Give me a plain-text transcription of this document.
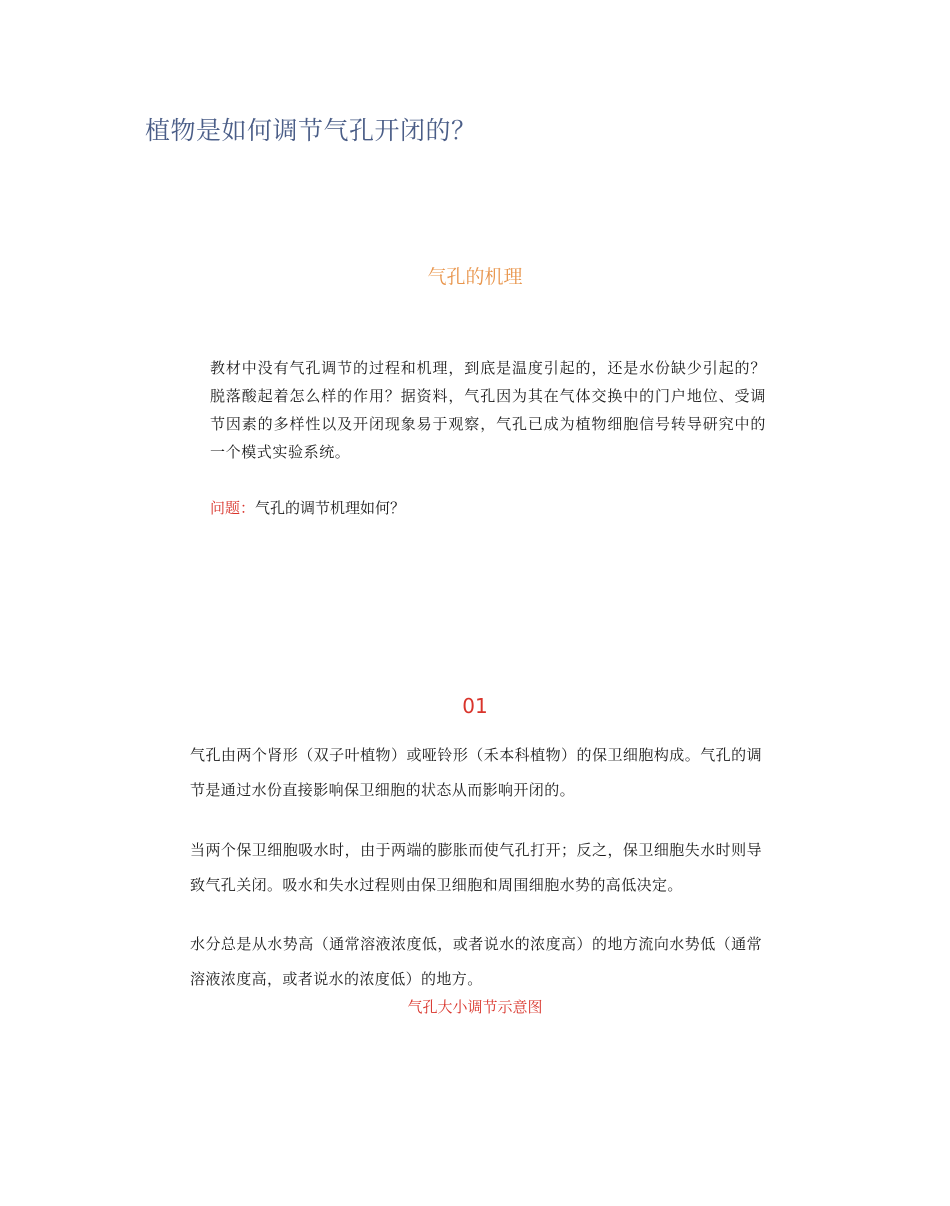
植物是如何调节气孔开闭的？
气孔的机理

教材中没有气孔调节的过程和机理，到底是温度引起的，还是水份缺少引起的？脱落酸起着怎么样的作用？据资料，气孔因为其在气体交换中的门户地位、受调节因素的多样性以及开闭现象易于观察，气孔已成为植物细胞信号转导研究中的一个模式实验系统。

问题：气孔的调节机理如何？

01

气孔由两个肾形（双子叶植物）或哑铃形（禾本科植物）的保卫细胞构成。气孔的调节是通过水份直接影响保卫细胞的状态从而影响开闭的。

当两个保卫细胞吸水时，由于两端的膨胀而使气孔打开；反之，保卫细胞失水时则导致气孔关闭。吸水和失水过程则由保卫细胞和周围细胞水势的高低决定。

水分总是从水势高（通常溶液浓度低，或者说水的浓度高）的地方流向水势低（通常溶液浓度高，或者说水的浓度低）的地方。

气孔大小调节示意图
